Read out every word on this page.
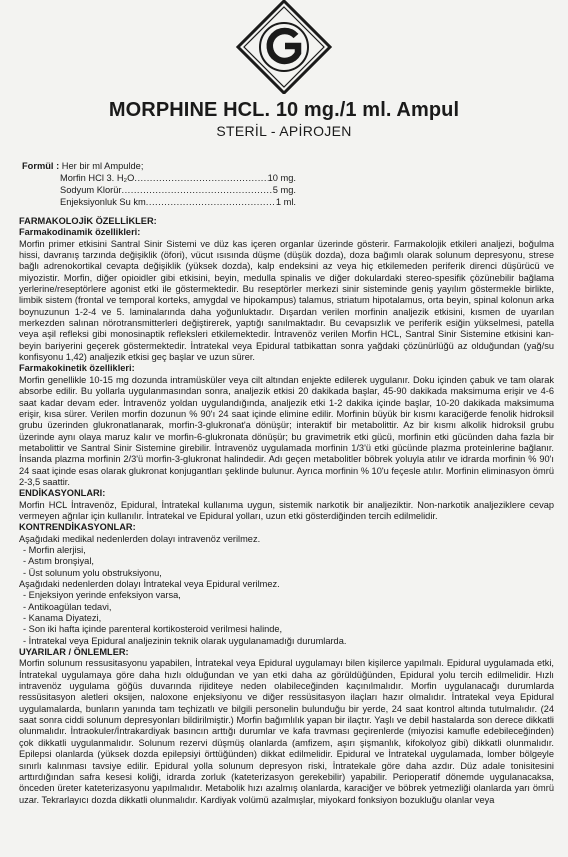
MORPHINE HCL. 10 mg./1 ml. Ampul
STERİL - APİROJEN
Formül : Her bir ml Ampulde;
Morfin HCl 3. H₂O .....	10 mg.
Sodyum Klorür .....	5 mg.
Enjeksiyonluk Su km .....	1 ml.

FARMAKOLOJİK ÖZELLİKLER:

Farmakodinamik özellikleri:

Morfin primer etkisini Santral Sinir Sistemi ve düz kas içeren organlar üzerinde gösterir. Farmakolojik etkileri analjezi, boğulma hissi, davranış tarzında değişiklik (öfori), vücut ısısında düşme (düşük dozda), doza bağımlı olarak solunum depresyonu, strese bağlı adrenokortikal cevapta değişiklik (yüksek dozda), kalp endeksini az veya hiç etkilemeden periferik direnci düşürücü ve miyozistir. Morfin, diğer opioidler gibi etkisini, beyin, medulla spinalis ve diğer dokulardaki stereo-spesifik çözünebilir bağlama yerlerine/reseptörlere agonist etki ile göstermektedir. Bu reseptörler merkezi sinir sisteminde geniş yayılım göstermekle birlikte, limbik sistem (frontal ve temporal korteks, amygdal ve hipokampus) talamus, striatum hipotalamus, orta beyin, spinal kolonun arka boynuzunun 1-2-4 ve 5. laminalarında daha yoğunluktadır. Dışardan verilen morfinin analjezik etkisini, kısmen de uyarılan merkezden salınan nörotransmitterleri değiştirerek, yaptığı sanılmaktadır. Bu cevapsızlık ve periferik esiğin yükselmesi, patella veya aşil refleksi gibi monosinaptik refleksleri etkilemektedir. İntravenöz verilen Morfin HCL, Santral Sinir Sistemine etkisini kan-beyin bariyerini geçerek göstermektedir. İntratekal veya Epidural tatbikattan sonra yağdaki çözünürlüğü az olduğundan (yağ/su konfisyonu 1,42) analjezik etkisi geç başlar ve uzun sürer.

Farmakokinetik özellikleri:

Morfin genellikle 10-15 mg dozunda intramüsküler veya cilt altından enjekte edilerek uygulanır. Doku içinden çabuk ve tam olarak absorbe edilir. Bu yollarla uygulanmasından sonra, analjezik etkisi 20 dakikada başlar, 45-90 dakikada maksimuma erişir ve 4-6 saat kadar devam eder. İntravenöz yoldan uygulandığında, analjezik etki 1-2 dakika içinde başlar, 10-20 dakikada maksimuma erişir, kısa sürer. Verilen morfin dozunun % 90'ı 24 saat içinde elimine edilir. Morfinin büyük bir kısmı karaciğerde fenolik hidroksil grubu üzerinden glukronatlanarak, morfin-3-glukronat'a dönüşür; interaktif bir metabolittir. Az bir kısmı alkolik hidroksil grubu üzerinde aynı olaya maruz kalır ve morfin-6-glukronata dönüşür; bu gravimetrik etki gücü, morfinin etki gücünden daha fazla bir metabolittir ve Santral Sinir Sistemine girebilir. İntravenöz uygulamada morfinin 1/3'ü etki gücünde plazma proteinlerine bağlanır. İnsanda plazma morfinin 2/3'ü morfin-3-glukronat halindedir. Adı geçen metabolitler böbrek yoluyla atılır ve idrarda morfinin % 90'ı 24 saat içinde esas olarak glukronat konjugantları şeklinde bulunur. Ayrıca morfinin % 10'u feçesle atılır. Morfinin eliminasyon ömrü 2-3,5 saattir.

ENDİKASYONLARI:

Morfin HCL İntravenöz, Epidural, İntratekal kullanıma uygun, sistemik narkotik bir analjeziktir. Non-narkotik analjeziklere cevap vermeyen ağrılar için kullanılır. İntratekal ve Epidural yolları, uzun etki gösterdiğinden tercih edilmelidir.

KONTRENDİKASYONLAR:

Aşağıdaki medikal nedenlerden dolayı intravenöz verilmez.

- Morfin alerjisi,

- Astım bronşiyal,

- Üst solunum yolu obstruksiyonu,

Aşağıdaki nedenlerden dolayı İntratekal veya Epidural verilmez.

- Enjeksiyon yerinde enfeksiyon varsa,

- Antikoagülan tedavi,

- Kanama Diyatezi,

- Son iki hafta içinde parenteral kortikosteroid verilmesi halinde,

- İntratekal veya Epidural analjezinin teknik olarak uygulanamadığı durumlarda.

UYARILAR / ÖNLEMLER:

Morfin solunum ressusitasyonu yapabilen, İntratekal veya Epidural uygulamayı bilen kişilerce yapılmalı. Epidural uygulamada etki, İntratekal uygulamaya göre daha hızlı olduğundan ve yan etki daha az görüldüğünden, Epidural yolu tercih edilmelidir. Hızlı intravenöz uygulama göğüs duvarında rijiditeye neden olabileceğinden kaçınılmalıdır. Morfin uygulanacağı durumlarda ressüsitasyon aletleri oksijen, naloxone enjeksiyonu ve diğer ressüsitasyon ilaçları hazır olmalıdır. İntratekal veya Epidural uygulamalarda, bunların yanında tam teçhizatlı ve bilgili personelin bulunduğu bir yerde, 24 saat kontrol altında tutulmalıdır. (24 saat sonra ciddi solunum depresyonları bildirilmiştir.) Morfin bağımlılık yapan bir ilaçtır. Yaşlı ve debil hastalarda son derece dikkatli olunmalıdır. İntraokuler/İntrakardiyak basıncın arttığı durumlar ve kafa travması geçirenlerde (miyozisi kamufle edebileceğinden) çok dikkatli uygulanmalıdır. Solunum rezervi düşmüş olanlarda (amfizem, aşırı şişmanlık, kifokolyoz gibi) dikkatli olunmalıdır. Epilepsi olanlarda (yüksek dozda epilepsiyi örttüğünden) dikkat edilmelidir. Epidural ve İntratekal uygulamada, lomber bölgeyle sınırlı kalınması tavsiye edilir. Epidural yolla solunum depresyon riski, İntratekale göre daha azdır. Düz adale tonisitesini arttırdığından safra kesesi koliği, idrarda zorluk (kateterizasyon gerekebilir) yapabilir. Perioperatif dönemde uygulanacaksa, önceden üreter kateterizasyonu yapılmalıdır. Metabolik hızı azalmış olanlarda, karaciğer ve böbrek yetmezliği olanlarda yarı ömrü uzar. Tekrarlayıcı dozda dikkatli olunmalıdır. Kardiyak volümü azalmışlar, miyokard fonksiyon bozukluğu olanlar veya
